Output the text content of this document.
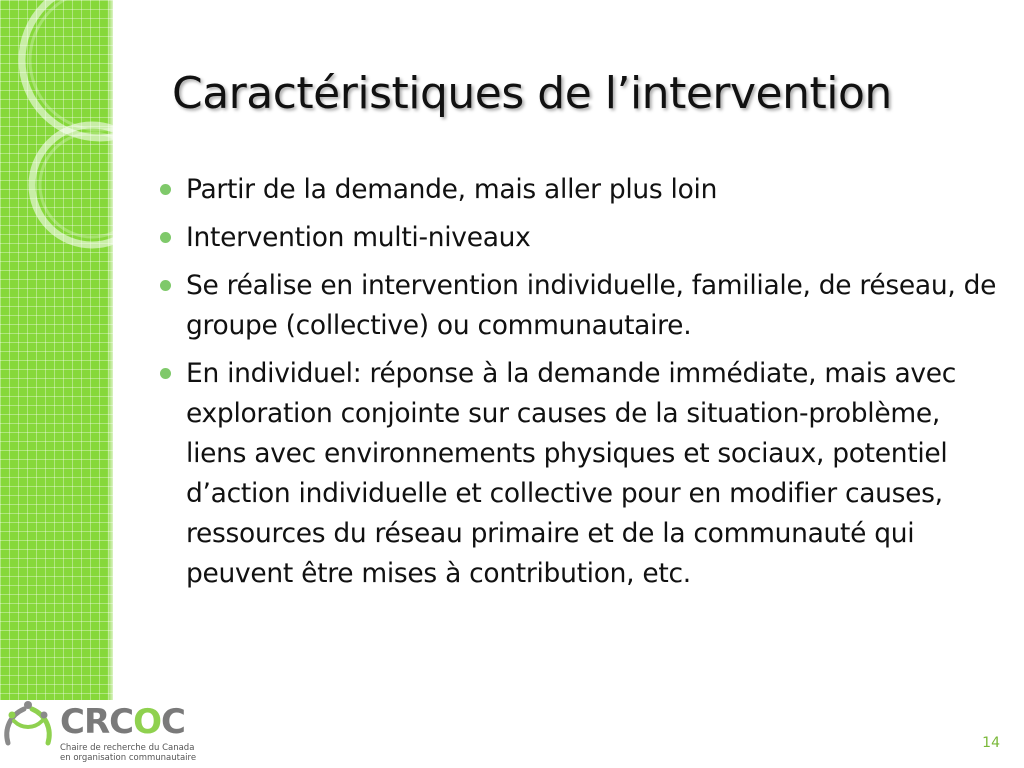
Caractéristiques de l’intervention
Partir de la demande, mais aller plus loin
Intervention multi-niveaux
Se réalise en intervention individuelle, familiale, de réseau, de groupe (collective) ou communautaire.
En individuel: réponse à la demande immédiate, mais avec exploration conjointe sur causes de la situation-problème, liens avec environnements physiques et sociaux, potentiel d’action individuelle et collective pour en modifier causes, ressources du réseau primaire et de la communauté qui peuvent être mises à contribution, etc.
CRCOC
Chaire de recherche du Canada
en organisation communautaire
14
